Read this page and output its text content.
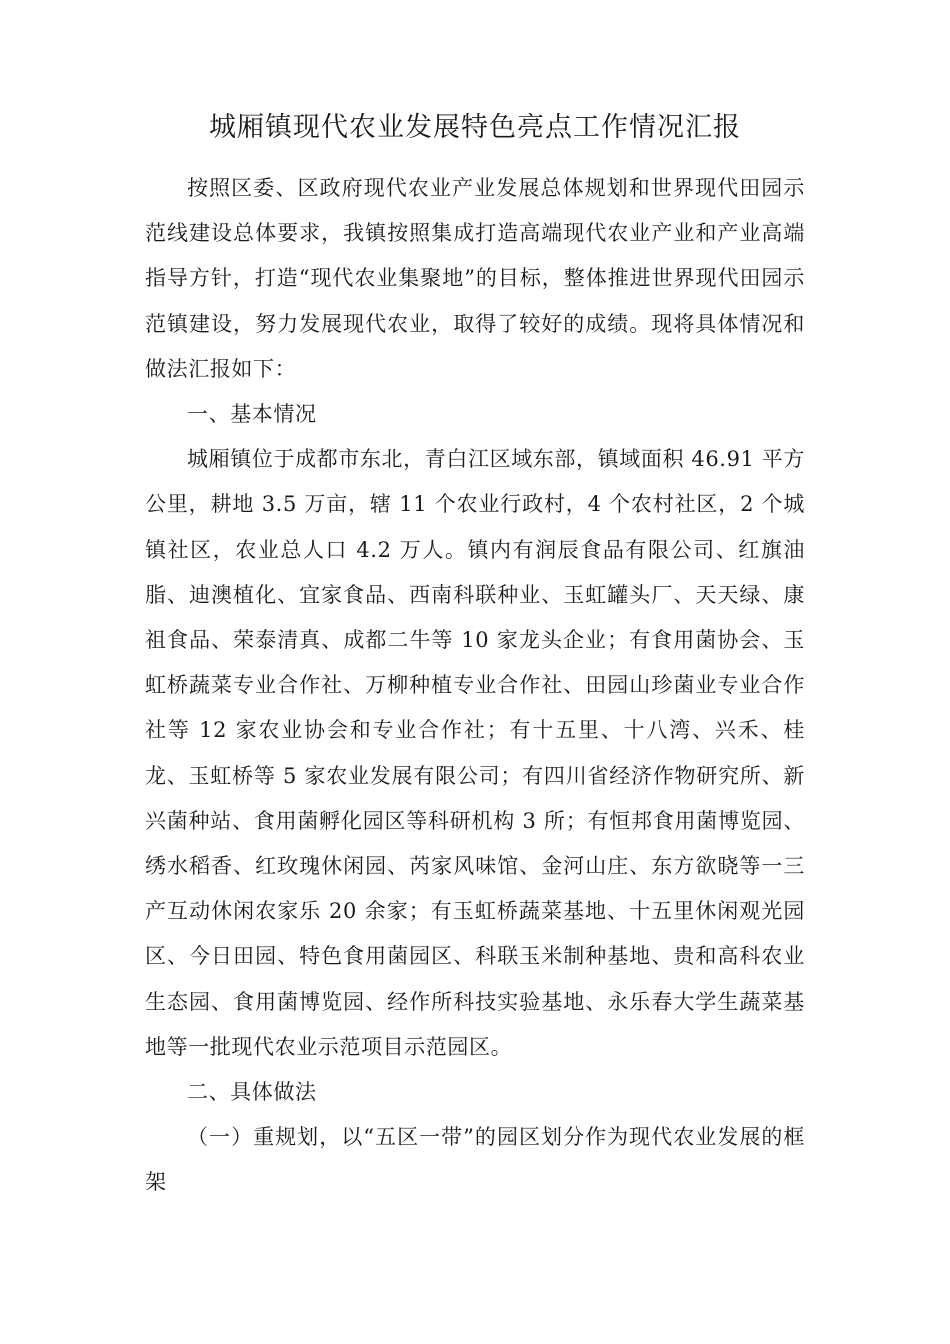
城厢镇现代农业发展特色亮点工作情况汇报

按照区委、区政府现代农业产业发展总体规划和世界现代田园示范线建设总体要求，我镇按照集成打造高端现代农业产业和产业高端指导方针，打造“现代农业集聚地”的目标，整体推进世界现代田园示范镇建设，努力发展现代农业，取得了较好的成绩。现将具体情况和做法汇报如下：

一、基本情况

城厢镇位于成都市东北，青白江区域东部，镇域面积 46.91 平方公里，耕地 3.5 万亩，辖 11 个农业行政村，4 个农村社区，2 个城镇社区，农业总人口 4.2 万人。镇内有润辰食品有限公司、红旗油脂、迪澳植化、宜家食品、西南科联种业、玉虹罐头厂、天天绿、康祖食品、荣泰清真、成都二牛等 10 家龙头企业；有食用菌协会、玉虹桥蔬菜专业合作社、万柳种植专业合作社、田园山珍菌业专业合作社等 12 家农业协会和专业合作社；有十五里、十八湾、兴禾、桂龙、玉虹桥等 5 家农业发展有限公司；有四川省经济作物研究所、新兴菌种站、食用菌孵化园区等科研机构 3 所；有恒邦食用菌博览园、绣水稻香、红玫瑰休闲园、芮家风味馆、金河山庄、东方欲晓等一三产互动休闲农家乐 20 余家；有玉虹桥蔬菜基地、十五里休闲观光园区、今日田园、特色食用菌园区、科联玉米制种基地、贵和高科农业生态园、食用菌博览园、经作所科技实验基地、永乐春大学生蔬菜基地等一批现代农业示范项目示范园区。

二、具体做法

（一）重规划，以“五区一带”的园区划分作为现代农业发展的框架
